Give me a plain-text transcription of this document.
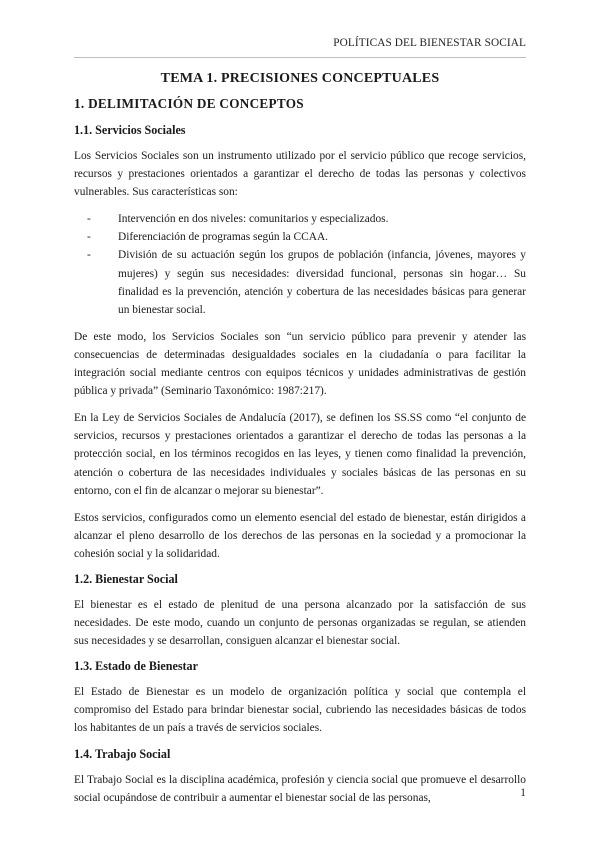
POLÍTICAS DEL BIENESTAR SOCIAL
TEMA 1. PRECISIONES CONCEPTUALES
1. DELIMITACIÓN DE CONCEPTOS
1.1. Servicios Sociales

Los Servicios Sociales son un instrumento utilizado por el servicio público que recoge servicios, recursos y prestaciones orientados a garantizar el derecho de todas las personas y colectivos vulnerables. Sus características son:

- Intervención en dos niveles: comunitarios y especializados.
- Diferenciación de programas según la CCAA.
- División de su actuación según los grupos de población (infancia, jóvenes, mayores y mujeres) y según sus necesidades: diversidad funcional, personas sin hogar… Su finalidad es la prevención, atención y cobertura de las necesidades básicas para generar un bienestar social.

De este modo, los Servicios Sociales son “un servicio público para prevenir y atender las consecuencias de determinadas desigualdades sociales en la ciudadanía o para facilitar la integración social mediante centros con equipos técnicos y unidades administrativas de gestión pública y privada” (Seminario Taxonómico: 1987:217).

En la Ley de Servicios Sociales de Andalucía (2017), se definen los SS.SS como “el conjunto de servicios, recursos y prestaciones orientados a garantizar el derecho de todas las personas a la protección social, en los términos recogidos en las leyes, y tienen como finalidad la prevención, atención o cobertura de las necesidades individuales y sociales básicas de las personas en su entorno, con el fin de alcanzar o mejorar su bienestar”.

Estos servicios, configurados como un elemento esencial del estado de bienestar, están dirigidos a alcanzar el pleno desarrollo de los derechos de las personas en la sociedad y a promocionar la cohesión social y la solidaridad.

1.2. Bienestar Social

El bienestar es el estado de plenitud de una persona alcanzado por la satisfacción de sus necesidades. De este modo, cuando un conjunto de personas organizadas se regulan, se atienden sus necesidades y se desarrollan, consiguen alcanzar el bienestar social.

1.3. Estado de Bienestar

El Estado de Bienestar es un modelo de organización política y social que contempla el compromiso del Estado para brindar bienestar social, cubriendo las necesidades básicas de todos los habitantes de un país a través de servicios sociales.

1.4. Trabajo Social

El Trabajo Social es la disciplina académica, profesión y ciencia social que promueve el desarrollo social ocupándose de contribuir a aumentar el bienestar social de las personas,	1
